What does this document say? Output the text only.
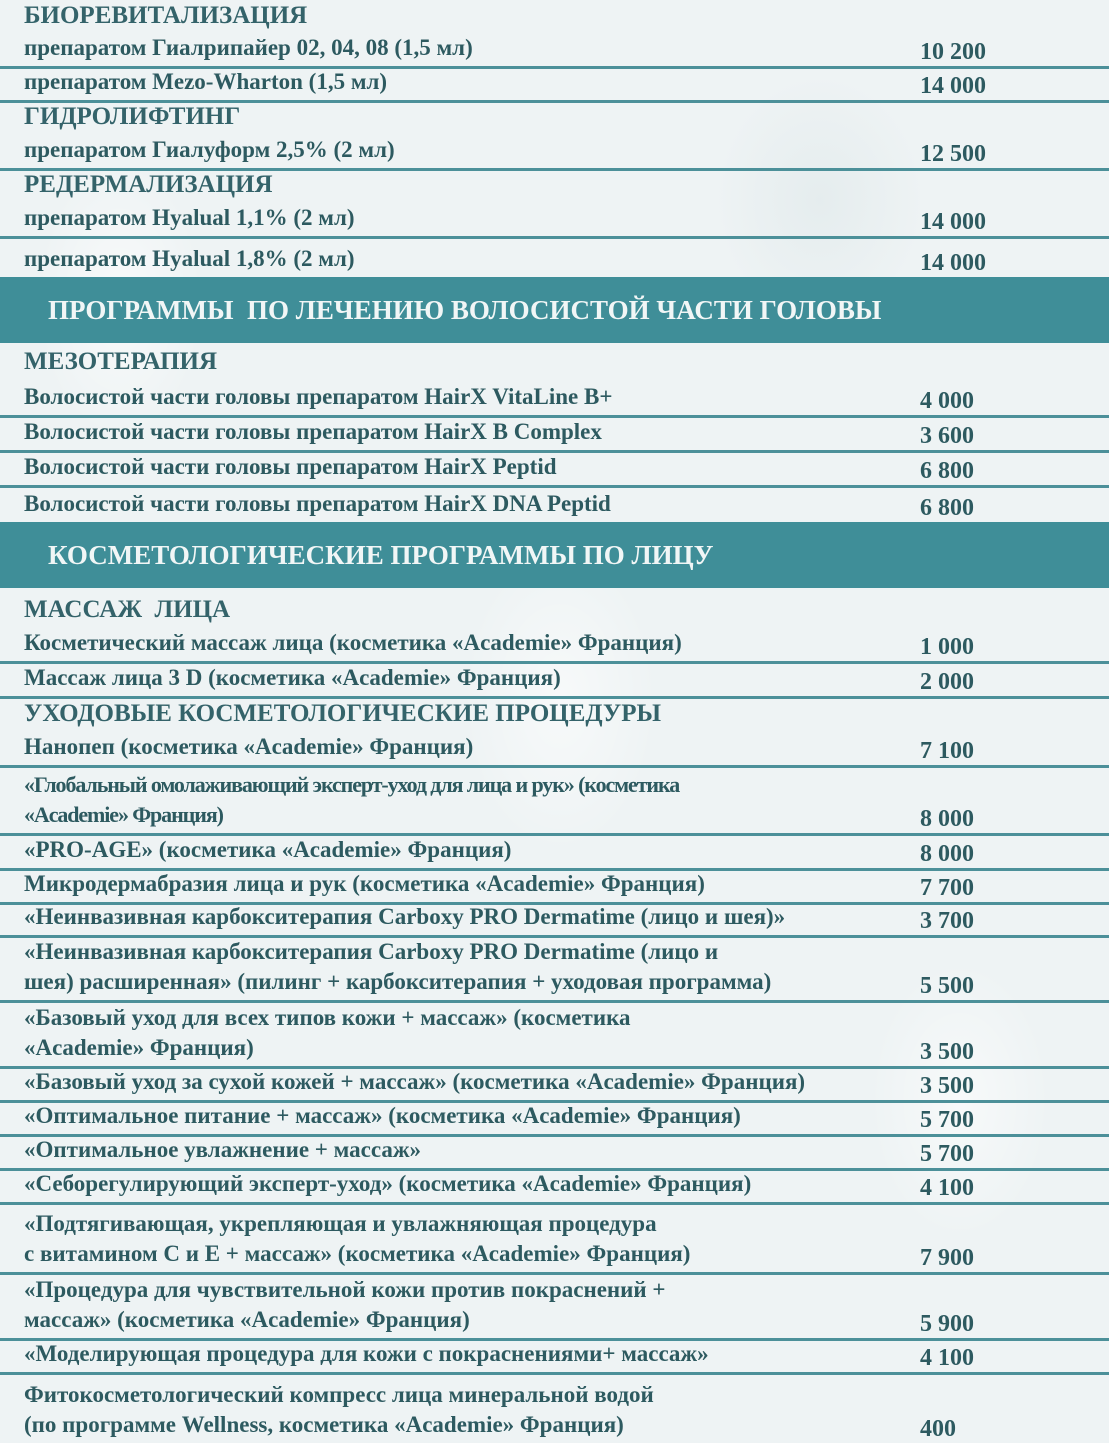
БИОРЕВИТАЛИЗАЦИЯ
препаратом Гиалрипайер 02, 04, 08 (1,5 мл)	10 200
препаратом Mezo-Wharton (1,5 мл)	14 000
ГИДРОЛИФТИНГ
препаратом Гиалуформ 2,5% (2 мл)	12 500
РЕДЕРМАЛИЗАЦИЯ
препаратом Hyalual 1,1% (2 мл)	14 000
препаратом Hyalual 1,8% (2 мл)	14 000
ПРОГРАММЫ  ПО ЛЕЧЕНИЮ ВОЛОСИСТОЙ ЧАСТИ ГОЛОВЫ
МЕЗОТЕРАПИЯ
Волосистой части головы препаратом HairX VitaLine B+	4 000
Волосистой части головы препаратом HairX B Complex	3 600
Волосистой части головы препаратом HairX Peptid	6 800
Волосистой части головы препаратом HairX DNA Peptid	6 800
КОСМЕТОЛОГИЧЕСКИЕ ПРОГРАММЫ ПО ЛИЦУ
МАССАЖ  ЛИЦА
Косметический массаж лица (косметика «Academie» Франция)	1 000
Массаж лица 3 D (косметика «Academie» Франция)	2 000
УХОДОВЫЕ КОСМЕТОЛОГИЧЕСКИЕ ПРОЦЕДУРЫ
Нанопеп (косметика «Academie» Франция)	7 100
«Глобальный омолаживающий эксперт-уход для лица и рук» (косметика
«Academie» Франция)	8 000
«PRO-AGE» (косметика «Academie» Франция)	8 000
Микродермабразия лица и рук (косметика «Academie» Франция)	7 700
«Неинвазивная карбокситерапия Carboxy PRO Dermatime (лицо и шея)»	3 700
«Неинвазивная карбокситерапия Carboxy PRO Dermatime (лицо и
шея) расширенная» (пилинг + карбокситерапия + уходовая программа)	5 500
«Базовый уход для всех типов кожи + массаж» (косметика
«Academie» Франция)	3 500
«Базовый уход за сухой кожей + массаж» (косметика «Academie» Франция)	3 500
«Оптимальное питание + массаж» (косметика «Academie» Франция)	5 700
«Оптимальное увлажнение + массаж»	5 700
«Себорегулирующий эксперт-уход» (косметика «Academie» Франция)	4 100
«Подтягивающая, укрепляющая и увлажняющая процедура
с витамином С и Е + массаж» (косметика «Academie» Франция)	7 900
«Процедура для чувствительной кожи против покраснений +
массаж» (косметика «Academie» Франция)	5 900
«Моделирующая процедура для кожи с покраснениями+ массаж»	4 100
Фитокосметологический компресс лица минеральной водой
(по программе Wellness, косметика «Academie» Франция)	400
